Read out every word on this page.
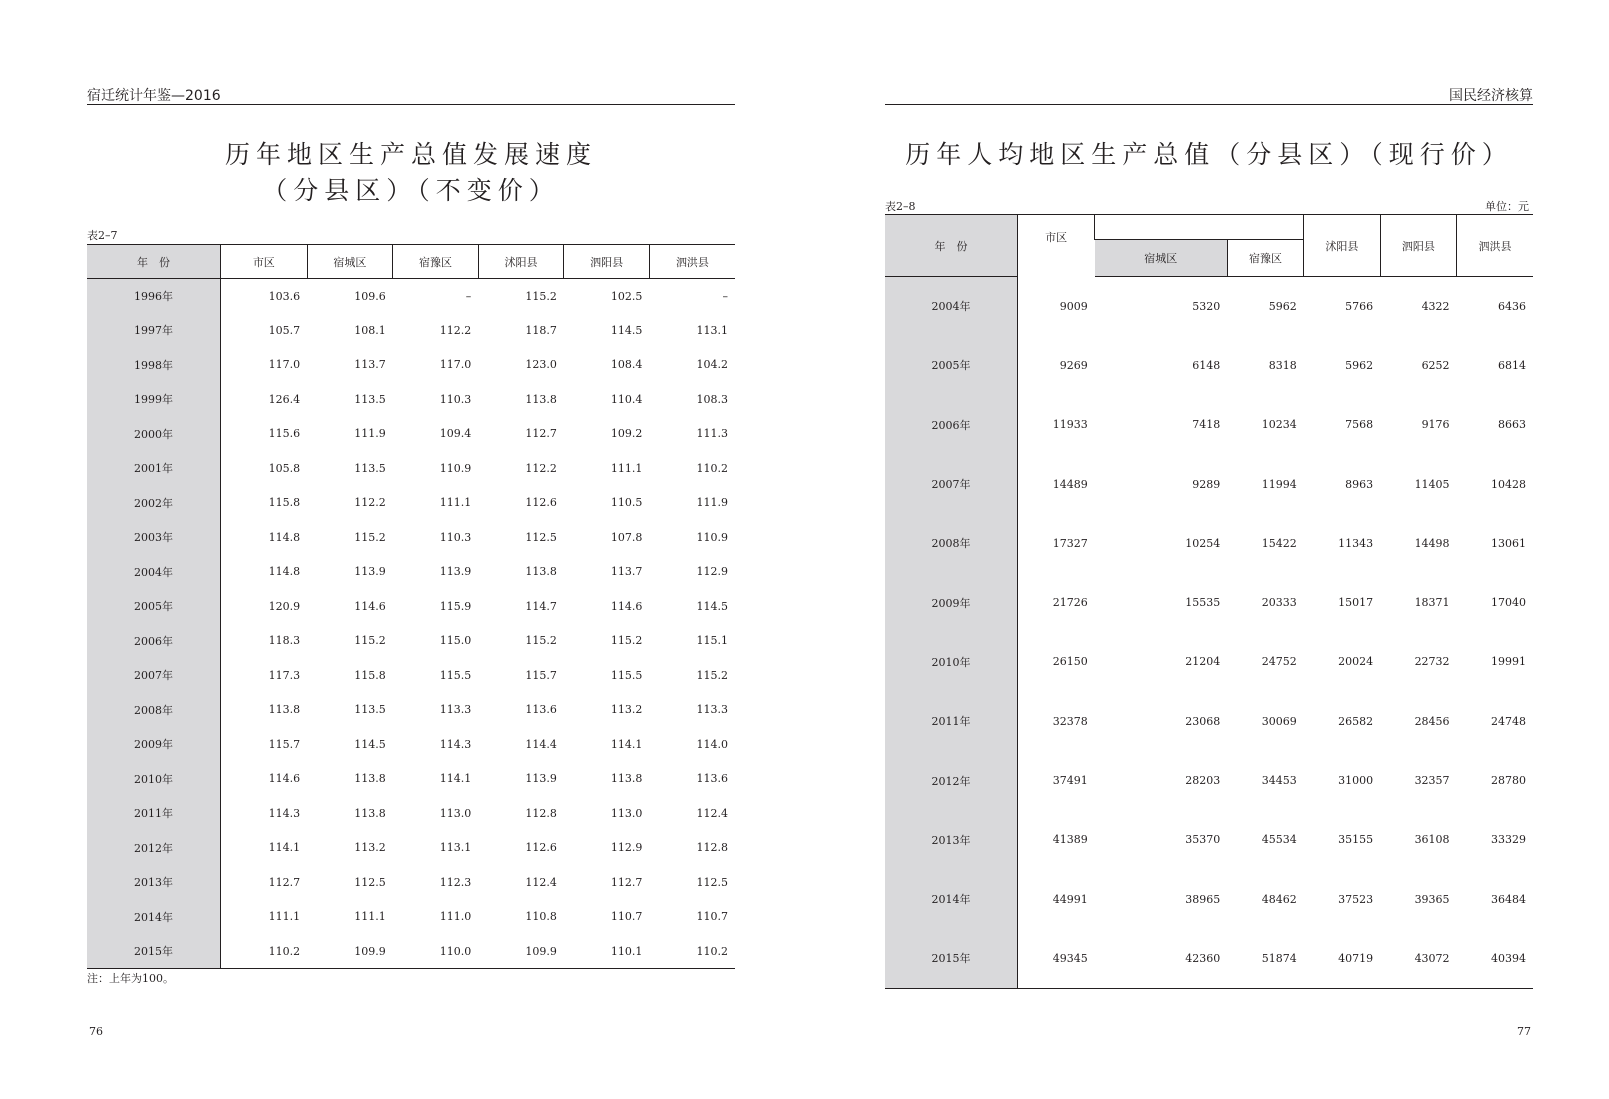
宿迁统计年鉴—2016
历年地区生产总值发展速度
（分县区）（不变价）
表2–7
年　份	市区	宿城区	宿豫区	沭阳县	泗阳县	泗洪县
1996年	103.6	109.6	–	115.2	102.5	–
1997年	105.7	108.1	112.2	118.7	114.5	113.1
1998年	117.0	113.7	117.0	123.0	108.4	104.2
1999年	126.4	113.5	110.3	113.8	110.4	108.3
2000年	115.6	111.9	109.4	112.7	109.2	111.3
2001年	105.8	113.5	110.9	112.2	111.1	110.2
2002年	115.8	112.2	111.1	112.6	110.5	111.9
2003年	114.8	115.2	110.3	112.5	107.8	110.9
2004年	114.8	113.9	113.9	113.8	113.7	112.9
2005年	120.9	114.6	115.9	114.7	114.6	114.5
2006年	118.3	115.2	115.0	115.2	115.2	115.1
2007年	117.3	115.8	115.5	115.7	115.5	115.2
2008年	113.8	113.5	113.3	113.6	113.2	113.3
2009年	115.7	114.5	114.3	114.4	114.1	114.0
2010年	114.6	113.8	114.1	113.9	113.8	113.6
2011年	114.3	113.8	113.0	112.8	113.0	112.4
2012年	114.1	113.2	113.1	112.6	112.9	112.8
2013年	112.7	112.5	112.3	112.4	112.7	112.5
2014年	111.1	111.1	111.0	110.8	110.7	110.7
2015年	110.2	109.9	110.0	109.9	110.1	110.2
注：上年为100。
76
国民经济核算
历年人均地区生产总值（分县区）（现行价）
表2–8	单位：元
年　份	市区			沭阳县	泗阳县	泗洪县
		宿城区	宿豫区			
2004年	9009	5320	5962	5766	4322	6436
2005年	9269	6148	8318	5962	6252	6814
2006年	11933	7418	10234	7568	9176	8663
2007年	14489	9289	11994	8963	11405	10428
2008年	17327	10254	15422	11343	14498	13061
2009年	21726	15535	20333	15017	18371	17040
2010年	26150	21204	24752	20024	22732	19991
2011年	32378	23068	30069	26582	28456	24748
2012年	37491	28203	34453	31000	32357	28780
2013年	41389	35370	45534	35155	36108	33329
2014年	44991	38965	48462	37523	39365	36484
2015年	49345	42360	51874	40719	43072	40394
77
